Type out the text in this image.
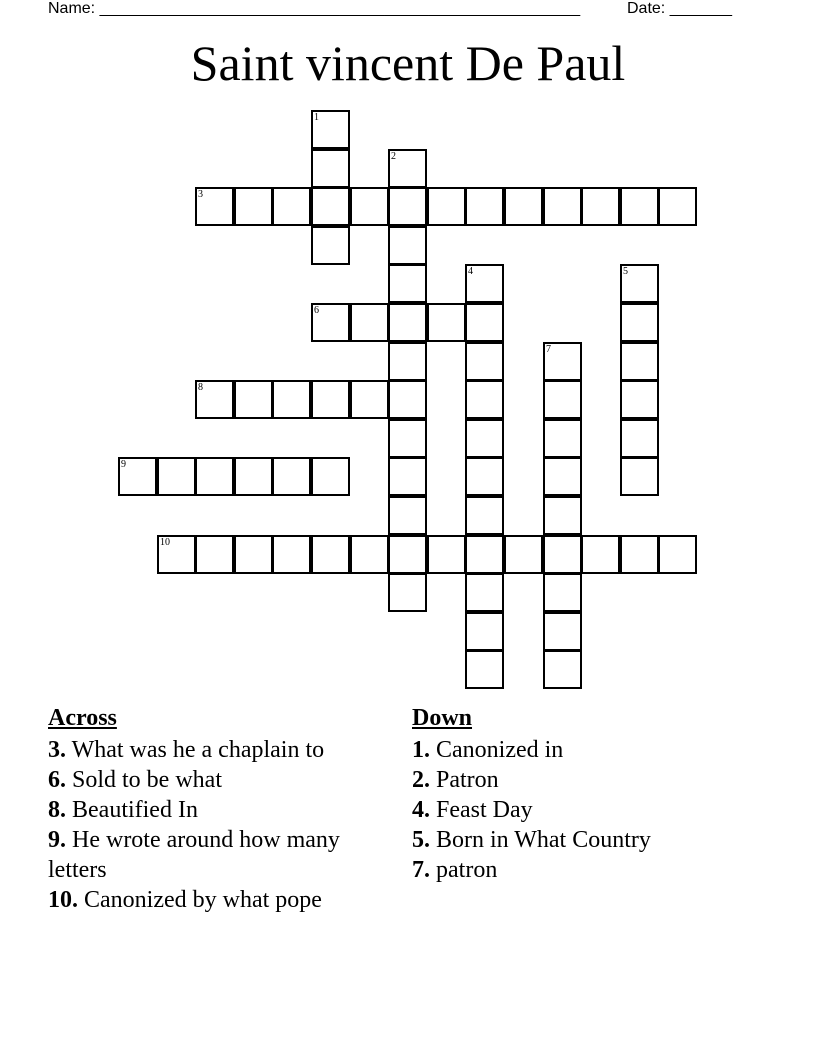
Name: ______________________________________________________	Date: _______
Saint vincent De Paul
1
2
3
4	5
6
7
8
9
10
Across
3. What was he a chaplain to
6. Sold to be what
8. Beautified In
9. He wrote around how many letters
10. Canonized by what pope
Down
1. Canonized in
2. Patron
4. Feast Day
5. Born in What Country
7. patron
